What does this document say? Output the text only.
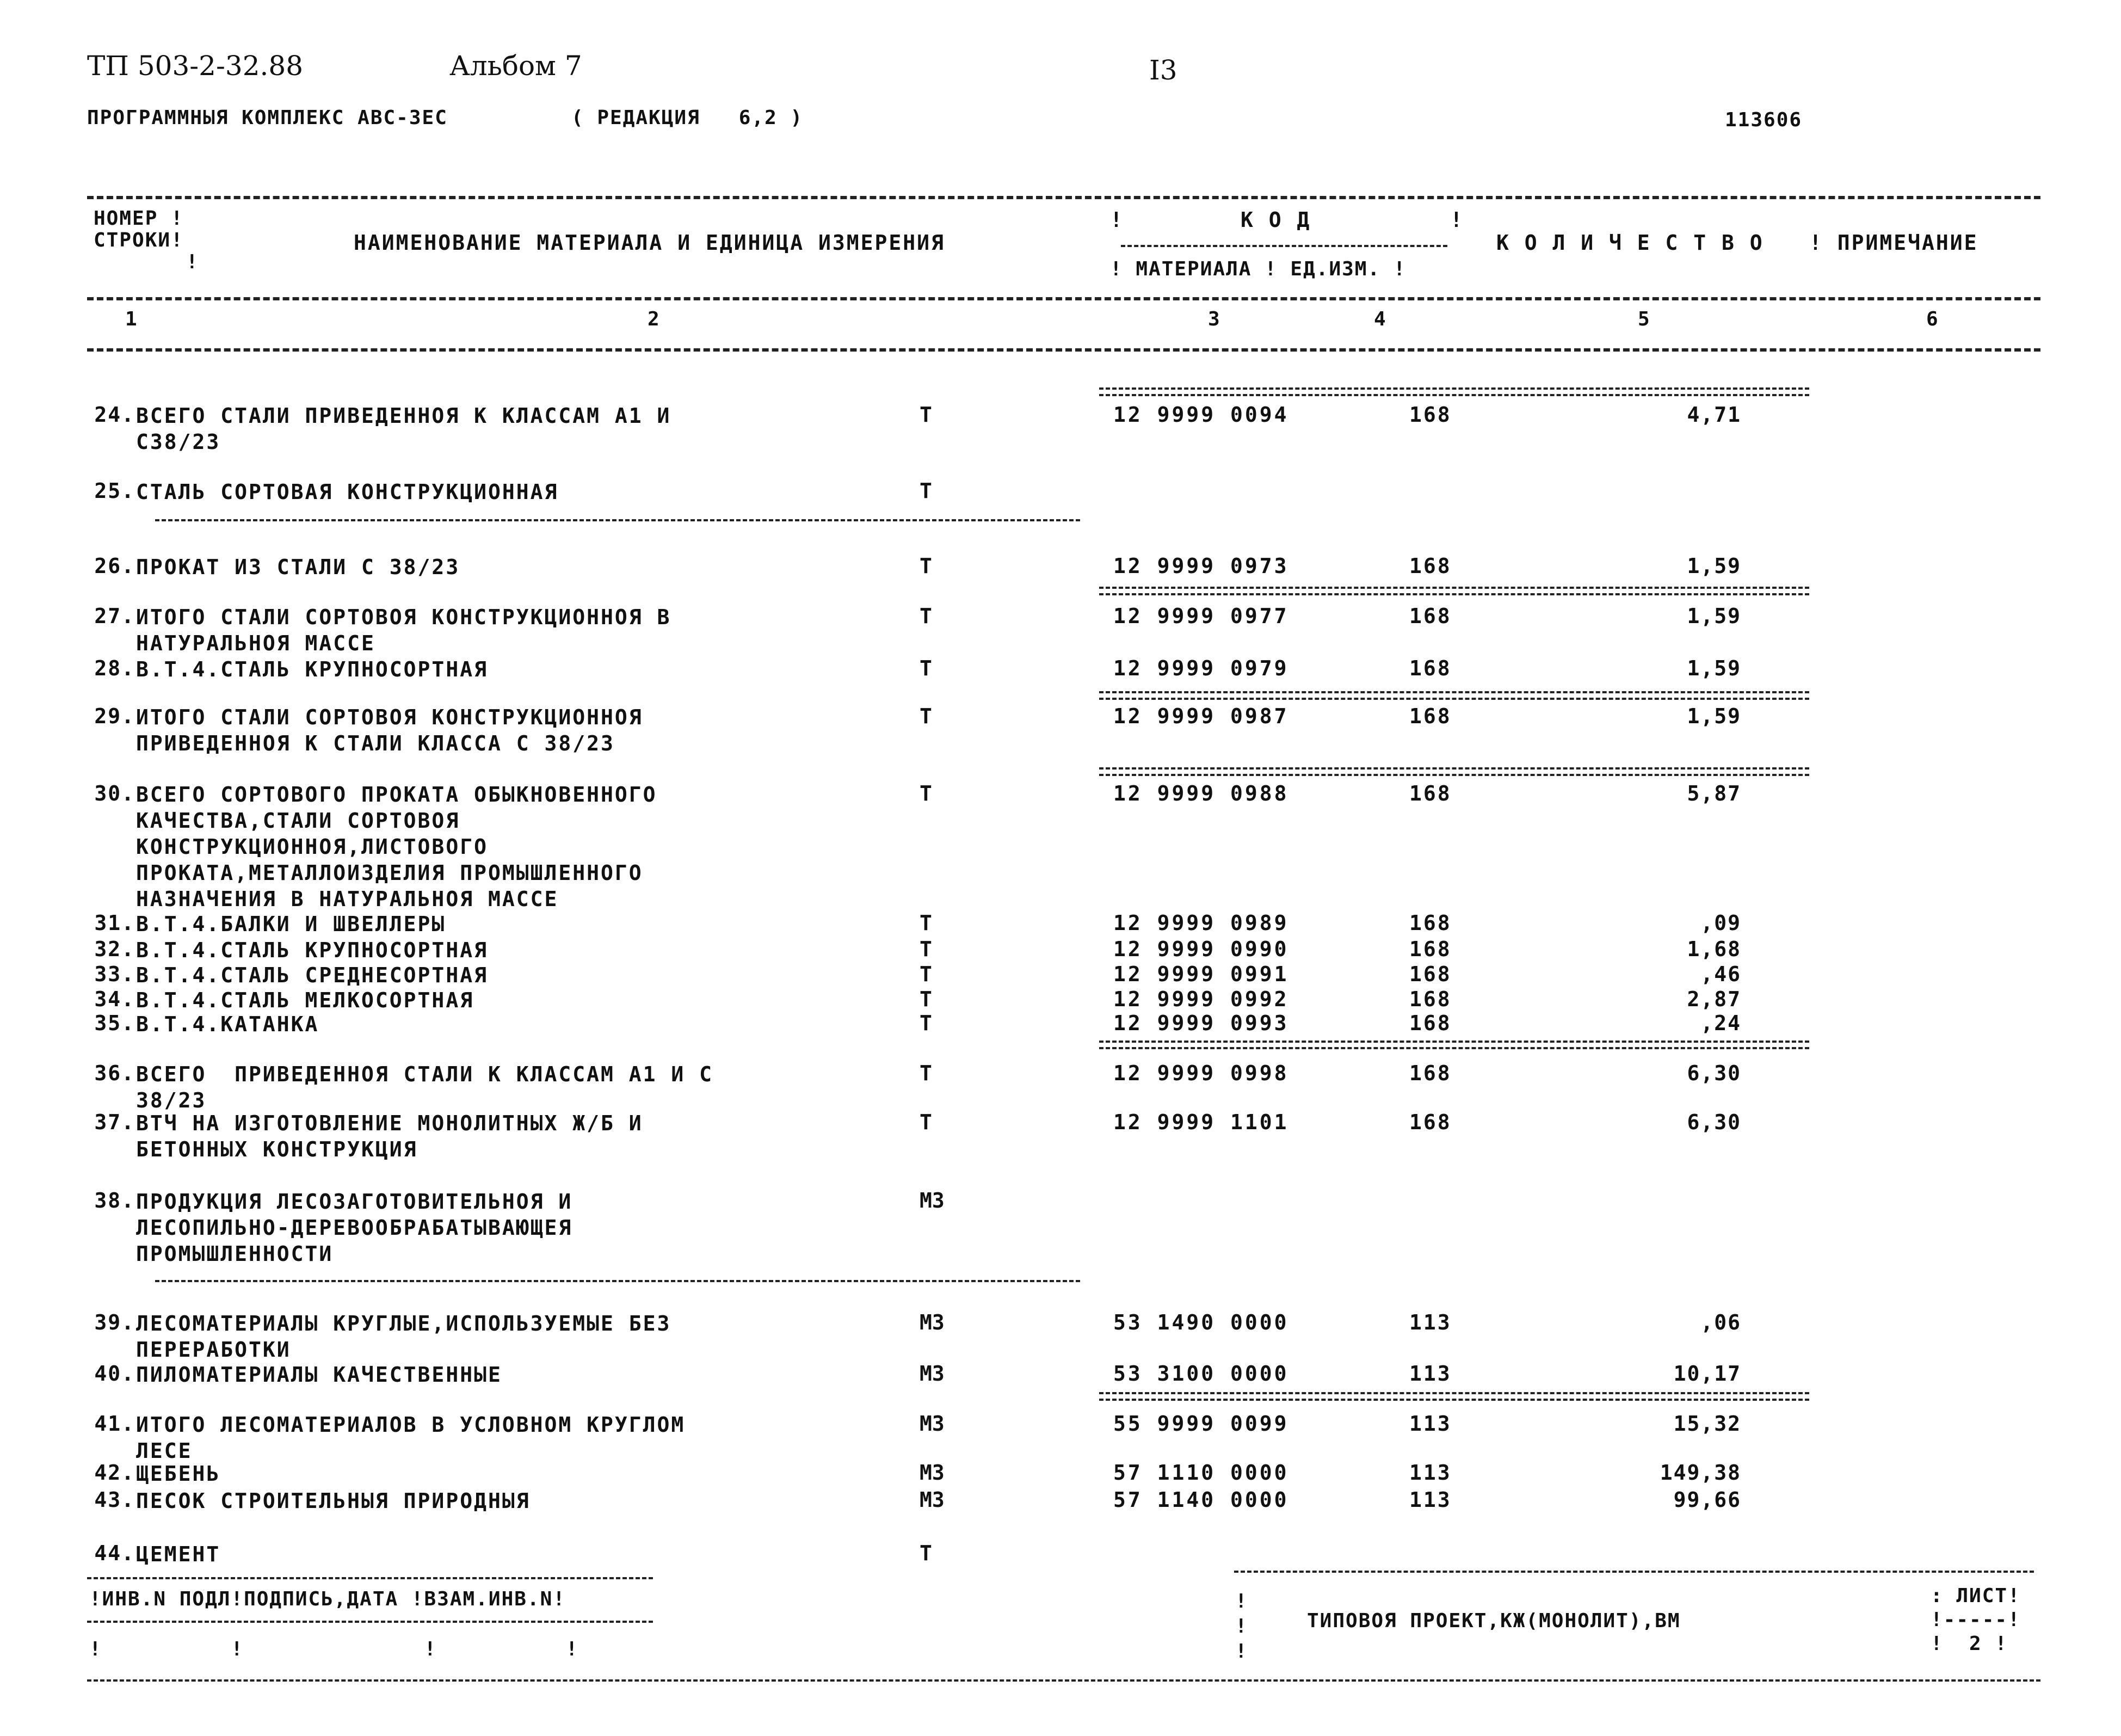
ТП 503-2-32.88	Альбом 7	I3
ПРОГРАММНЫЯ КОМПЛЕКС АВС-3ЕС	( РЕДАКЦИЯ   6,2 )	113606
НОМЕР !
СТРОКИ!
!
НАИМЕНОВАНИЕ МАТЕРИАЛА И ЕДИНИЦА ИЗМЕРЕНИЯ
!	К О Д	!
! МАТЕРИАЛА ! ЕД.ИЗМ. !
К О Л И Ч Е С Т В О ! ПРИМЕЧАНИЕ
1	2	3	4	5	6
24. ВСЕГО СТАЛИ ПРИВЕДЕННОЯ К КЛАССАМ А1 И
С38/23
Т	12 9999 0094	168	4,71
25. СТАЛЬ СОРТОВАЯ КОНСТРУКЦИОННАЯ	Т
26. ПРОКАТ ИЗ СТАЛИ С 38/23	Т	12 9999 0973	168	1,59
27. ИТОГО СТАЛИ СОРТОВОЯ КОНСТРУКЦИОННОЯ В
НАТУРАЛЬНОЯ МАССЕ
Т	12 9999 0977	168	1,59
28. В.Т.4.СТАЛЬ КРУПНОСОРТНАЯ	Т	12 9999 0979	168	1,59
29. ИТОГО СТАЛИ СОРТОВОЯ КОНСТРУКЦИОННОЯ
ПРИВЕДЕННОЯ К СТАЛИ КЛАССА С 38/23
Т	12 9999 0987	168	1,59
30. ВСЕГО СОРТОВОГО ПРОКАТА ОБЫКНОВЕННОГО
КАЧЕСТВА,СТАЛИ СОРТОВОЯ
КОНСТРУКЦИОННОЯ,ЛИСТОВОГО
ПРОКАТА,МЕТАЛЛОИЗДЕЛИЯ ПРОМЫШЛЕННОГО
НАЗНАЧЕНИЯ В НАТУРАЛЬНОЯ МАССЕ
Т	12 9999 0988	168	5,87
31. В.Т.4.БАЛКИ И ШВЕЛЛЕРЫ	Т	12 9999 0989	168	,09
32. В.Т.4.СТАЛЬ КРУПНОСОРТНАЯ	Т	12 9999 0990	168	1,68
33. В.Т.4.СТАЛЬ СРЕДНЕСОРТНАЯ	Т	12 9999 0991	168	,46
34. В.Т.4.СТАЛЬ МЕЛКОСОРТНАЯ	Т	12 9999 0992	168	2,87
35. В.Т.4.КАТАНКА	Т	12 9999 0993	168	,24
36. ВСЕГО  ПРИВЕДЕННОЯ СТАЛИ К КЛАССАМ А1 И С
38/23
Т	12 9999 0998	168	6,30
37. ВТЧ НА ИЗГОТОВЛЕНИЕ МОНОЛИТНЫХ Ж/Б И
БЕТОННЫХ КОНСТРУКЦИЯ
Т	12 9999 1101	168	6,30
38. ПРОДУКЦИЯ ЛЕСОЗАГОТОВИТЕЛЬНОЯ И
ЛЕСОПИЛЬНО-ДЕРЕВООБРАБАТЫВАЮЩЕЯ
ПРОМЫШЛЕННОСТИ
М3
39. ЛЕСОМАТЕРИАЛЫ КРУГЛЫЕ,ИСПОЛЬЗУЕМЫЕ БЕЗ
ПЕРЕРАБОТКИ
М3	53 1490 0000	113	,06
40. ПИЛОМАТЕРИАЛЫ КАЧЕСТВЕННЫЕ	М3	53 3100 0000	113	10,17
41. ИТОГО ЛЕСОМАТЕРИАЛОВ В УСЛОВНОМ КРУГЛОМ
ЛЕСЕ
М3	55 9999 0099	113	15,32
42. ЩЕБЕНЬ	М3	57 1110 0000	113	149,38
43. ПЕСОК СТРОИТЕЛЬНЫЯ ПРИРОДНЫЯ	М3	57 1140 0000	113	99,66
44. ЦЕМЕНТ	Т
!ИНВ.N ПОДЛ!ПОДПИСЬ,ДАТА !ВЗАМ.ИНВ.N!
!          !              !          !
!
!
!
ТИПОВОЯ ПРОЕКТ,КЖ(МОНОЛИТ),ВМ
: ЛИСТ!
!-----!
!  2 !
